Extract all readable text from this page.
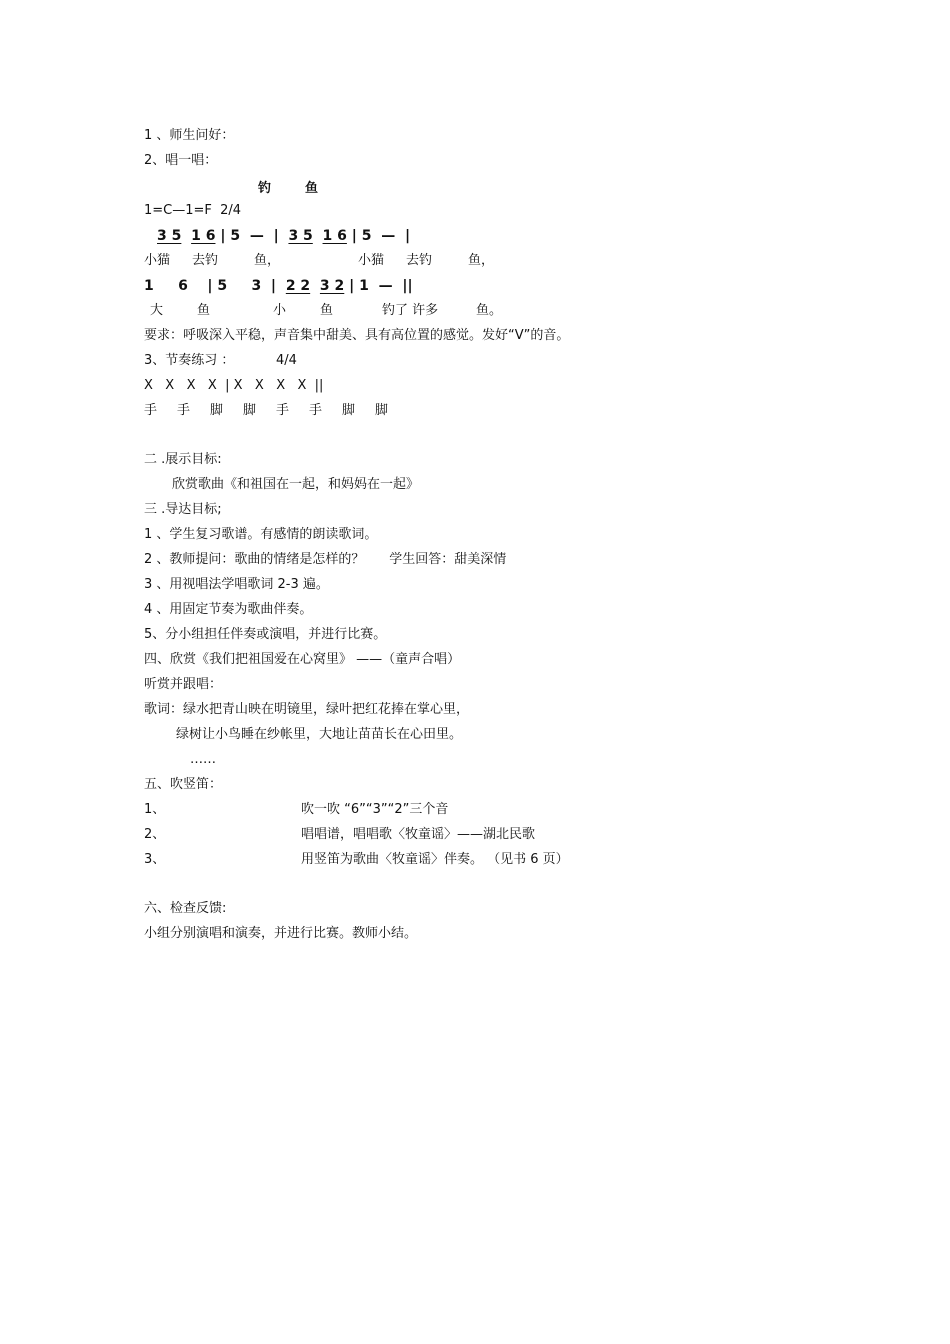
1 、师生问好：
2、唱一唱：
钓	鱼
1=C—1=F  2/4
3 5 1 6 | 5  —  |  3 5 1 6 | 5  —  |
小猫 去钓	鱼，	小猫 去钓	鱼，
1     6    | 5     3  |  2 2 3 2 | 1  —  ||
大	鱼	小	鱼	钓了 许多	鱼。
要求：呼吸深入平稳，声音集中甜美、具有高位置的感觉。发好“V”的音。
3、节奏练习 ：	4/4
X   X   X   X  | X   X   X   X  ||
手 手 脚 脚 手 手 脚 脚
二 .展示目标:
欣赏歌曲《和祖国在一起，和妈妈在一起》
三 .导达目标;
1 、学生复习歌谱。有感情的朗读歌词。
2 、教师提问：歌曲的情绪是怎样的？      学生回答：甜美深情
3 、用视唱法学唱歌词 2-3 遍。
4 、用固定节奏为歌曲伴奏。
5、分小组担任伴奏或演唱，并进行比赛。
四、欣赏《我们把祖国爱在心窝里》 ——（童声合唱）
听赏并跟唱：
歌词：绿水把青山映在明镜里，绿叶把红花捧在掌心里，
绿树让小鸟睡在纱帐里，大地让苗苗长在心田里。
……
五、吹竖笛：
1、	吹一吹 “6”“3”“2”三个音
2、	唱唱谱，唱唱歌〈牧童谣〉——湖北民歌
3、	用竖笛为歌曲〈牧童谣〉伴奏。 （见书 6 页）
六、检查反馈:
小组分别演唱和演奏，并进行比赛。教师小结。
